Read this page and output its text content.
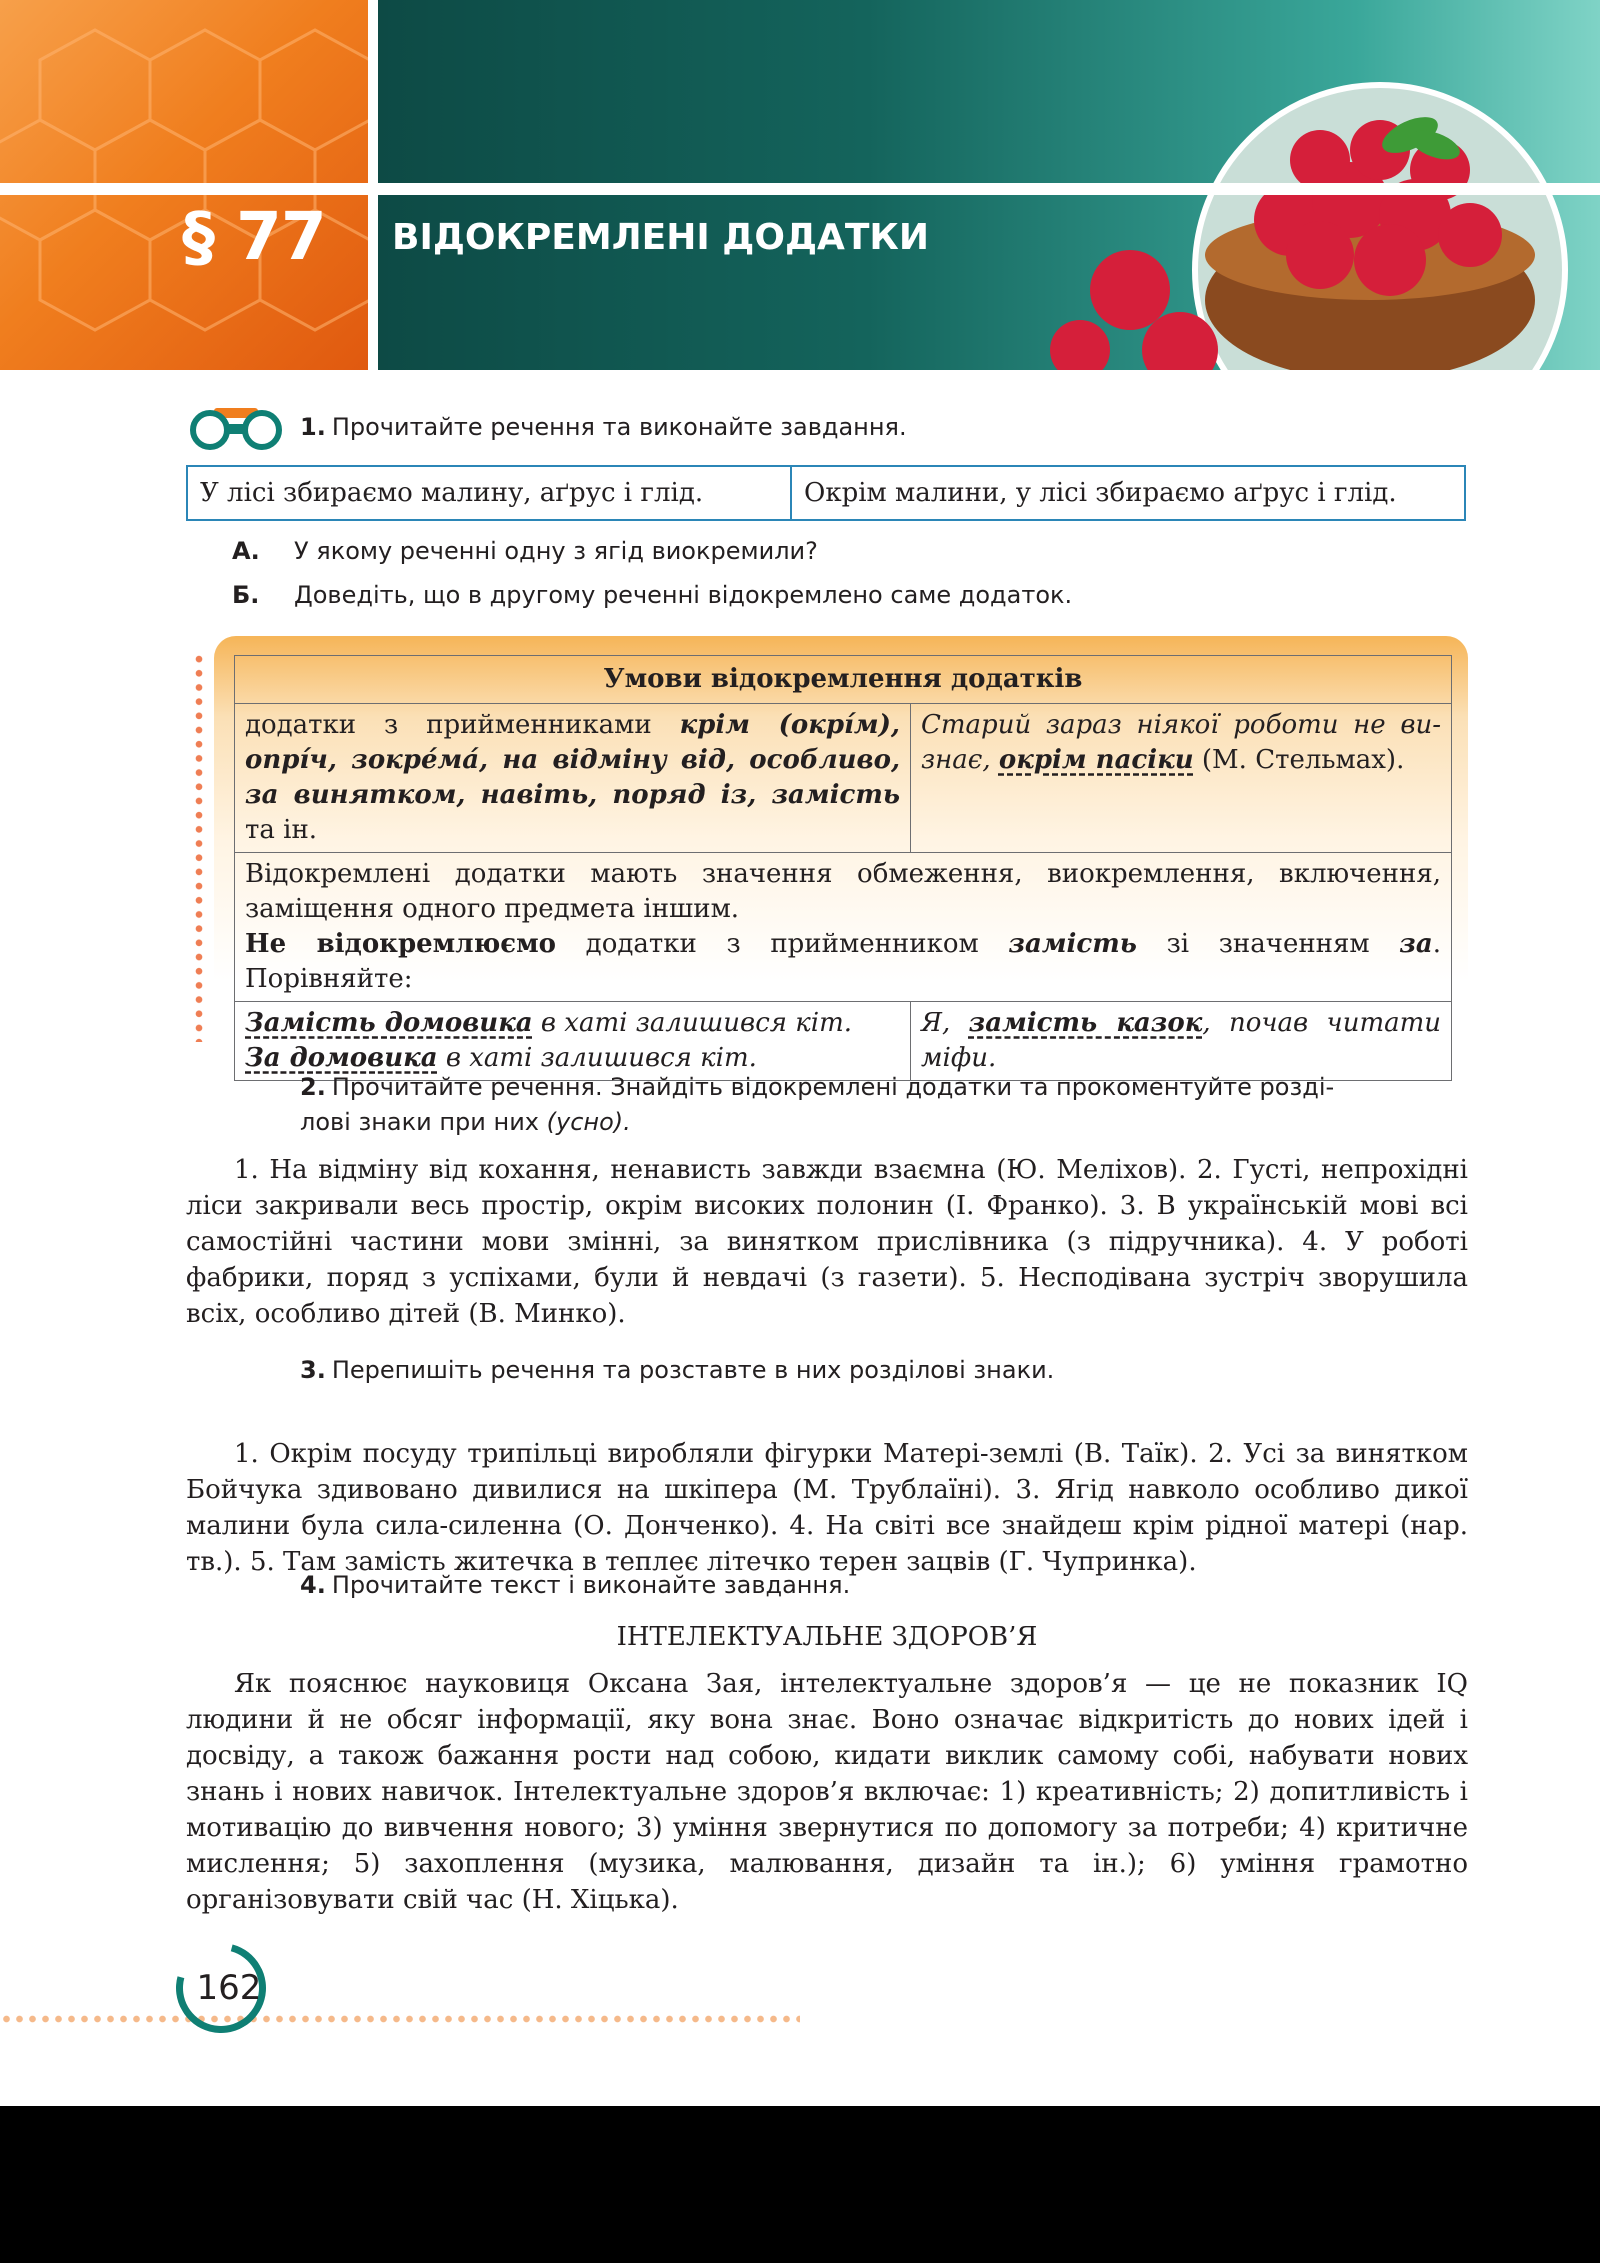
§ 77 ВІДОКРЕМЛЕНІ ДОДАТКИ
1. Прочитайте речення та виконайте завдання.
У лісі збираємо малину, аґрус і глід.	Окрім малини, у лісі збираємо аґрус і глід.
А. У якому реченні одну з ягід виокремили?
Б. Доведіть, що в другому реченні відокремлено саме додаток.
Умови відокремлення додатків	
додатки з прийменниками крім (окрі́м), опрі́ч, зокре́ма́, на відміну від, особливо, за винятком, навіть, поряд із, замість та ін.	Старий зараз ніякої роботи не визнає, окрім пасіки (М. Стельмах).
Відокремлені додатки мають значення обмеження, виокремлення, включення, заміщення одного предмета іншим.
Не відокремлюємо додатки з прийменником замість зі значенням за. Порівняйте:	
Замість домовика в хаті залишився кіт.
За домовика в хаті залишився кіт.	Я, замість казок, почав читати міфи.
2. Прочитайте речення. Знайдіть відокремлені додатки та прокоментуйте розділові знаки при них (усно).
1. На відміну від кохання, ненависть завжди взаємна (Ю. Меліхов). 2. Густі, непрохідні ліси закривали весь простір, окрім високих полонин (І. Франко). 3. В українській мові всі самостійні частини мови змінні, за винятком прислівника (з підручника). 4. У роботі фабрики, поряд з успіхами, були й невдачі (з газети). 5. Несподівана зустріч зворушила всіх, особливо дітей (В. Минко).
3. Перепишіть речення та розставте в них розділові знаки.
1. Окрім посуду трипільці виробляли фігурки Матері-землі (В. Таїк). 2. Усі за винятком Бойчука здивовано дивилися на шкіпера (М. Трублаїні). 3. Ягід навколо особливо дикої малини була сила-силенна (О. Донченко). 4. На світі все знайдеш крім рідної матері (нар. тв.). 5. Там замість житечка в теплеє літечко терен зацвів (Г. Чупринка).
4. Прочитайте текст і виконайте завдання.
ІНТЕЛЕКТУАЛЬНЕ ЗДОРОВ’Я
Як пояснює науковиця Оксана Зая, інтелектуальне здоров’я — це не показник IQ людини й не обсяг інформації, яку вона знає. Воно означає відкритість до нових ідей і досвіду, а також бажання рости над собою, кидати виклик самому собі, набувати нових знань і нових навичок. Інтелектуальне здоров’я включає: 1) креативність; 2) допитливість і мотивацію до вивчення нового; 3) уміння звернутися по допомогу за потреби; 4) критичне мислення; 5) захоплення (музика, малювання, дизайн та ін.); 6) уміння грамотно організовувати свій час (Н. Хіцька).
162
